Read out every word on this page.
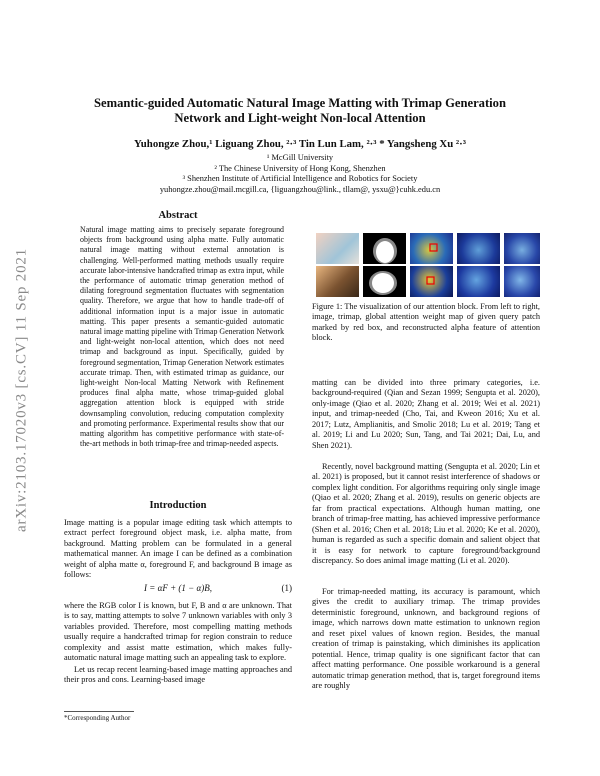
arXiv:2103.17020v3 [cs.CV] 11 Sep 2021
Semantic-guided Automatic Natural Image Matting with Trimap Generation
Network and Light-weight Non-local Attention
Yuhongze Zhou,¹ Liguang Zhou, ²·³ Tin Lun Lam, ²·³ * Yangsheng Xu ²·³
¹ McGill University
² The Chinese University of Hong Kong, Shenzhen
³ Shenzhen Institute of Artificial Intelligence and Robotics for Society
yuhongze.zhou@mail.mcgill.ca, {liguangzhou@link., tllam@, ysxu@}cuhk.edu.cn
Abstract
Natural image matting aims to precisely separate foreground objects from background using alpha matte. Fully automatic natural image matting without external annotation is challenging. Well-performed matting methods usually require accurate labor-intensive handcrafted trimap as extra input, while the performance of automatic trimap generation method of dilating foreground segmentation fluctuates with segmentation quality. Therefore, we argue that how to handle trade-off of additional information input is a major issue in automatic matting. This paper presents a semantic-guided automatic natural image matting pipeline with Trimap Generation Network and light-weight non-local attention, which does not need trimap and background as input. Specifically, guided by foreground segmentation, Trimap Generation Network estimates accurate trimap. Then, with estimated trimap as guidance, our light-weight Non-local Matting Network with Refinement produces final alpha matte, whose trimap-guided global aggregation attention block is equipped with stride downsampling convolution, reducing computation complexity and promoting performance. Experimental results show that our matting algorithm has competitive performance with state-of-the-art methods in both trimap-free and trimap-needed aspects.
Introduction
Image matting is a popular image editing task which attempts to extract perfect foreground object mask, i.e. alpha matte, from background. Matting problem can be formulated in a general mathematical manner. An image I can be defined as a combination weight of alpha matte α, foreground F, and background B image as follows:
I = αF + (1 − α)B,	(1)
where the RGB color I is known, but F, B and α are unknown. That is to say, matting attempts to solve 7 unknown variables with only 3 variables provided. Therefore, most compelling matting methods usually require a handcrafted trimap for region constrain to reduce complexity and assist matte estimation, which makes fully-automatic natural image matting such an appealing task to explore.
Let us recap recent learning-based image matting approaches and their pros and cons. Learning-based image
*Corresponding Author
Figure 1: The visualization of our attention block. From left to right, image, trimap, global attention weight map of given query patch marked by red box, and reconstructed alpha feature of attention block.
matting can be divided into three primary categories, i.e. background-required (Qian and Sezan 1999; Sengupta et al. 2020), only-image (Qiao et al. 2020; Zhang et al. 2019; Wei et al. 2021) input, and trimap-needed (Cho, Tai, and Kweon 2016; Xu et al. 2017; Lutz, Amplianitis, and Smolic 2018; Lu et al. 2019; Tang et al. 2019; Li and Lu 2020; Sun, Tang, and Tai 2021; Dai, Lu, and Shen 2021).
Recently, novel background matting (Sengupta et al. 2020; Lin et al. 2021) is proposed, but it cannot resist interference of shadows or complex light condition. For algorithms requiring only single image (Qiao et al. 2020; Zhang et al. 2019), results on generic objects are far from practical expectations. Although human matting, one branch of trimap-free matting, has achieved impressive performance (Shen et al. 2016; Chen et al. 2018; Liu et al. 2020; Ke et al. 2020), human is regarded as such a specific domain and salient object that it is easy for network to capture foreground/background discrepancy. So does animal image matting (Li et al. 2020).
For trimap-needed matting, its accuracy is paramount, which gives the credit to auxiliary trimap. The trimap provides deterministic foreground, unknown, and background regions of image, which narrows down matte estimation to unknown region and reset pixel values of known region. Besides, the manual creation of trimap is painstaking, which diminishes its application potential. Hence, trimap quality is one significant factor that can affect matting performance. One possible workaround is a general automatic trimap generation method, that is, target foreground items are roughly
